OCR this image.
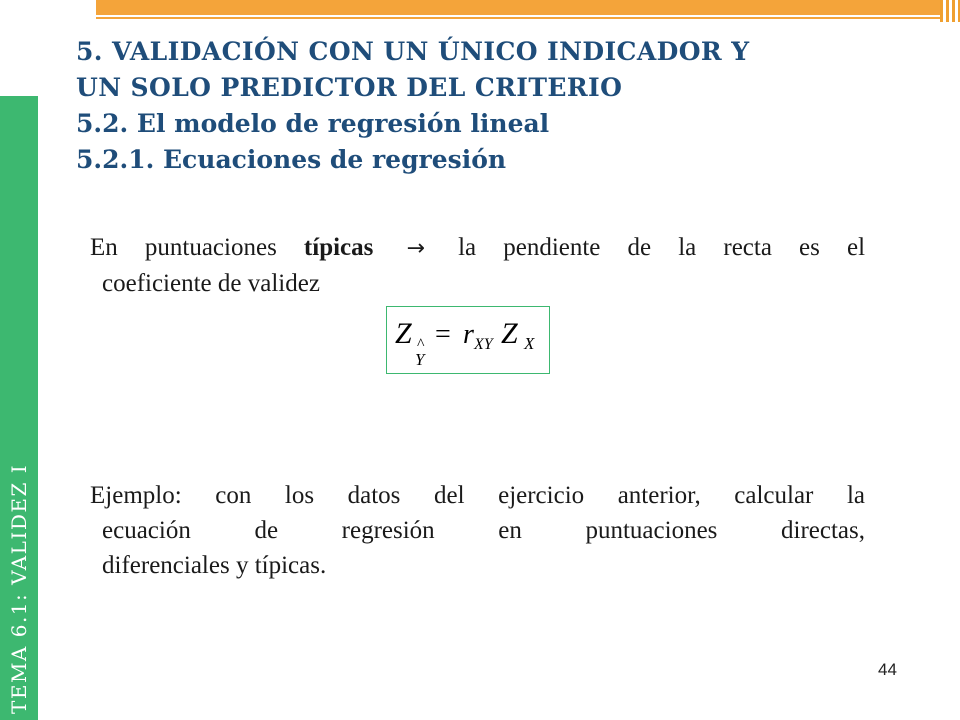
TEMA 6.1: VALIDEZ I
5. VALIDACIÓN CON UN ÚNICO INDICADOR Y
UN SOLO PREDICTOR DEL CRITERIO
5.2. El modelo de regresión lineal
5.2.1. Ecuaciones de regresión
En puntuaciones típicas → la pendiente de la recta es el
coeficiente de validez
Z ^
Y
= r XY Z X
Ejemplo: con los datos del ejercicio anterior, calcular la
ecuación de regresión en puntuaciones directas,
diferenciales y típicas.
44
